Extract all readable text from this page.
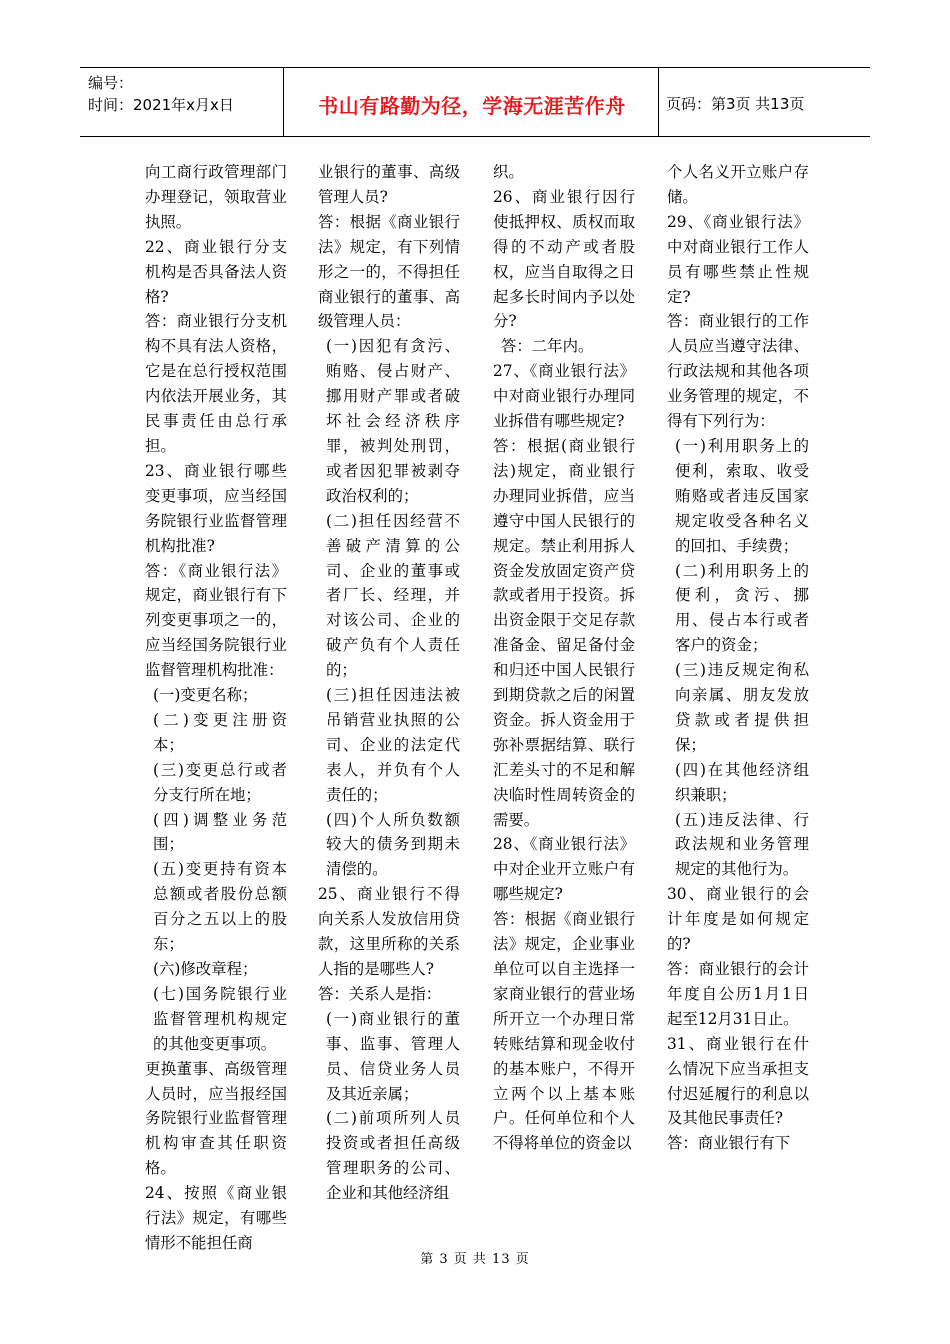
编号：
时间：2021年x月x日	书山有路勤为径，学海无涯苦作舟	页码：第3页 共13页

向工商行政管理部门办理登记，领取营业执照。

22、商业银行分支机构是否具备法人资格?

答：商业银行分支机构不具有法人资格，它是在总行授权范围内依法开展业务，其民事责任由总行承担。

23、商业银行哪些变更事项，应当经国务院银行业监督管理机构批准?

答：《商业银行法》规定，商业银行有下列变更事项之一的，应当经国务院银行业监督管理机构批准：

(一)变更名称；

(二)变更注册资本；

(三)变更总行或者分支行所在地；

(四)调整业务范围；

(五)变更持有资本总额或者股份总额百分之五以上的股东；

(六)修改章程；

(七)国务院银行业监督管理机构规定的其他变更事项。

更换董事、高级管理人员时，应当报经国务院银行业监督管理机构审查其任职资格。

24、按照《商业银行法》规定，有哪些情形不能担任商

业银行的董事、高级管理人员?

答：根据《商业银行法》规定，有下列情形之一的，不得担任商业银行的董事、高级管理人员：

(一)因犯有贪污、贿赂、侵占财产、挪用财产罪或者破坏社会经济秩序罪，被判处刑罚，或者因犯罪被剥夺政治权利的；

(二)担任因经营不善破产清算的公司、企业的董事或者厂长、经理，并对该公司、企业的破产负有个人责任的；

(三)担任因违法被吊销营业执照的公司、企业的法定代表人，并负有个人责任的；

(四)个人所负数额较大的债务到期未清偿的。

25、商业银行不得向关系人发放信用贷款，这里所称的关系人指的是哪些人?

答：关系人是指：

(一)商业银行的董事、监事、管理人员、信贷业务人员及其近亲属；

(二)前项所列人员投资或者担任高级管理职务的公司、企业和其他经济组

织。

26、商业银行因行使抵押权、质权而取得的不动产或者股权，应当自取得之日起多长时间内予以处分?

答：二年内。

27、《商业银行法》中对商业银行办理同业拆借有哪些规定?

答：根据(商业银行法)规定，商业银行办理同业拆借，应当遵守中国人民银行的规定。禁止利用拆人资金发放固定资产贷款或者用于投资。拆出资金限于交足存款准备金、留足备付金和归还中国人民银行到期贷款之后的闲置资金。拆人资金用于弥补票据结算、联行汇差头寸的不足和解决临时性周转资金的需要。

28、《商业银行法》中对企业开立账户有哪些规定?

答：根据《商业银行法》规定，企业事业单位可以自主选择一家商业银行的营业场所开立一个办理日常转账结算和现金收付的基本账户，不得开立两个以上基本账户。任何单位和个人不得将单位的资金以

个人名义开立账户存储。

29、《商业银行法》中对商业银行工作人员有哪些禁止性规定?

答：商业银行的工作人员应当遵守法律、行政法规和其他各项业务管理的规定，不得有下列行为：

(一)利用职务上的便利，索取、收受贿赂或者违反国家规定收受各种名义的回扣、手续费；

(二)利用职务上的便利，贪污、挪用、侵占本行或者客户的资金；

(三)违反规定徇私向亲属、朋友发放贷款或者提供担保；

(四)在其他经济组织兼职；

(五)违反法律、行政法规和业务管理规定的其他行为。

30、商业银行的会计年度是如何规定的?

答：商业银行的会计年度自公历1月1日起至12月31日止。

31、商业银行在什么情况下应当承担支付迟延履行的利息以及其他民事责任?

答：商业银行有下

第 3 页 共 13 页
